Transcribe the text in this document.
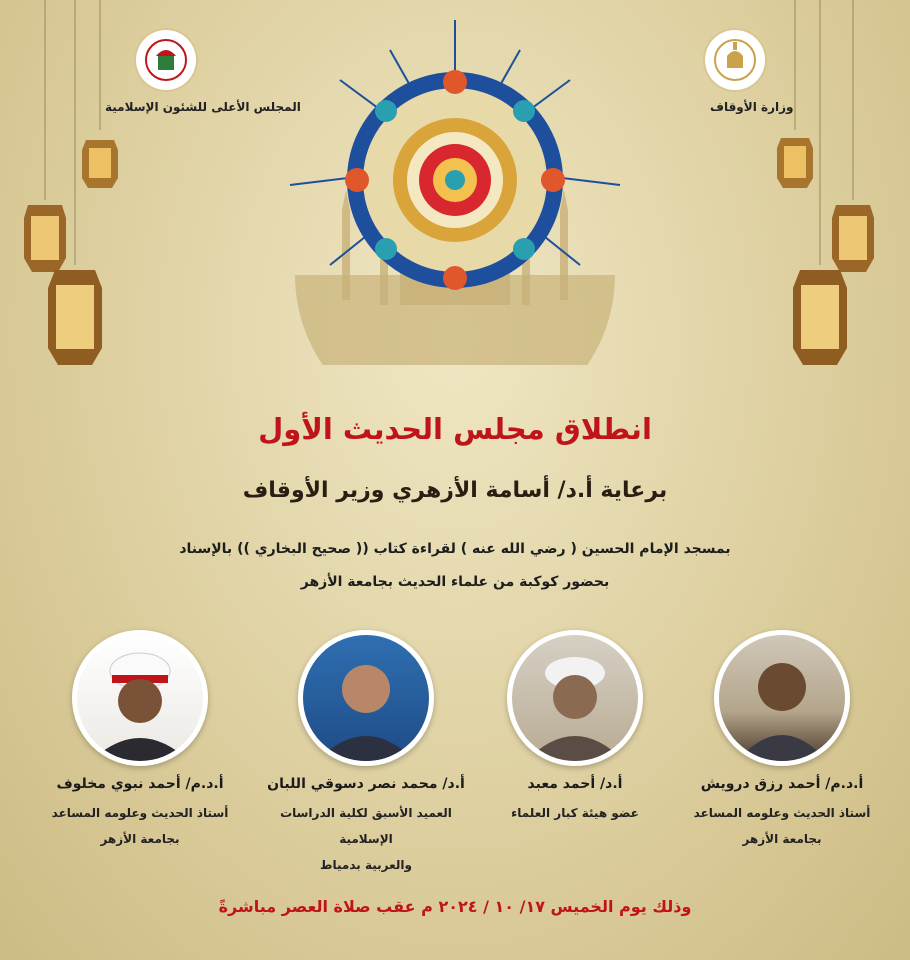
المجلس الأعلى للشئون الإسلامية	وزارة الأوقاف
انطلاق مجلس الحديث الأول
برعاية أ.د/ أسامة الأزهري وزير الأوقاف
بمسجد الإمام الحسين ( رضي الله عنه ) لقراءة كتاب (( صحيح البخاري )) بالإسناد
بحضور كوكبة من علماء الحديث بجامعة الأزهر
أ.د.م/ أحمد رزق درويش
أستاذ الحديث وعلومه المساعد
بجامعة الأزهر
أ.د/ أحمد معبد
عضو هيئة كبار العلماء
أ.د/ محمد نصر دسوقي اللبان
العميد الأسبق لكلية الدراسات الإسلامية
والعربية بدمياط
أ.د.م/ أحمد نبوي مخلوف
أستاذ الحديث وعلومه المساعد
بجامعة الأزهر
وذلك يوم الخميس ١٧/ ١٠ / ٢٠٢٤ م عقب صلاة العصر مباشرةً
